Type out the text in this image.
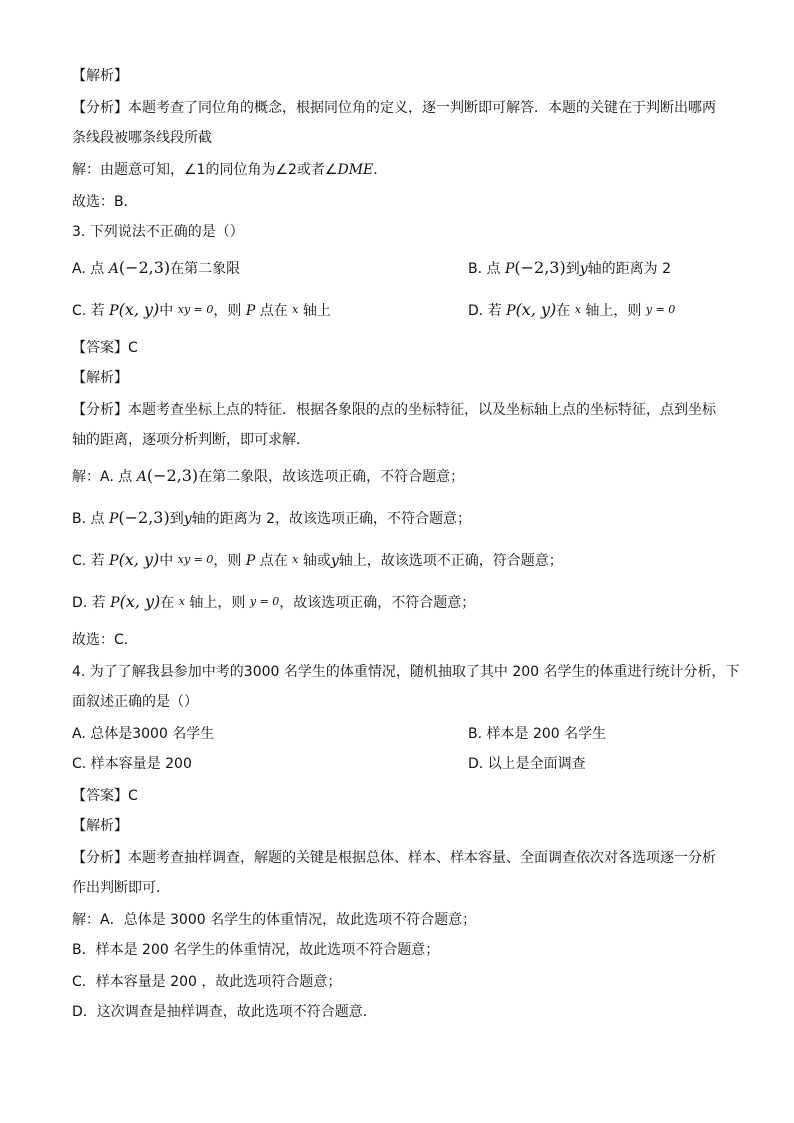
【解析】
【分析】本题考查了同位角的概念，根据同位角的定义，逐一判断即可解答．本题的关键在于判断出哪两
条线段被哪条线段所截
解：由题意可知，∠1的同位角为∠2或者∠DME．
故选：B．
3. 下列说法不正确的是（）
A. 点 A(−2,3)在第二象限	B. 点 P(−2,3)到y轴的距离为 2
C. 若 P(x, y)中 xy = 0，则 P 点在 x 轴上	D. 若 P(x, y)在 x 轴上，则 y = 0
【答案】C
【解析】
【分析】本题考查坐标上点的特征．根据各象限的点的坐标特征，以及坐标轴上点的坐标特征，点到坐标
轴的距离，逐项分析判断，即可求解．
解：A. 点 A(−2,3)在第二象限，故该选项正确，不符合题意；
B. 点 P(−2,3)到y轴的距离为 2，故该选项正确，不符合题意；
C. 若 P(x, y)中 xy = 0，则 P 点在 x 轴或y轴上，故该选项不正确，符合题意；
D. 若 P(x, y)在 x 轴上，则 y = 0，故该选项正确，不符合题意；
故选：C．
4. 为了了解我县参加中考的3000 名学生的体重情况，随机抽取了其中 200 名学生的体重进行统计分析，下
面叙述正确的是（）
A. 总体是3000 名学生	B. 样本是 200 名学生
C. 样本容量是 200	D. 以上是全面调查
【答案】C
【解析】
【分析】本题考查抽样调查，解题的关键是根据总体、样本、样本容量、全面调查依次对各选项逐一分析
作出判断即可．
解：A．总体是 3000 名学生的体重情况，故此选项不符合题意；
B．样本是 200 名学生的体重情况，故此选项不符合题意；
C．样本容量是 200 ，故此选项符合题意；
D．这次调查是抽样调查，故此选项不符合题意．
